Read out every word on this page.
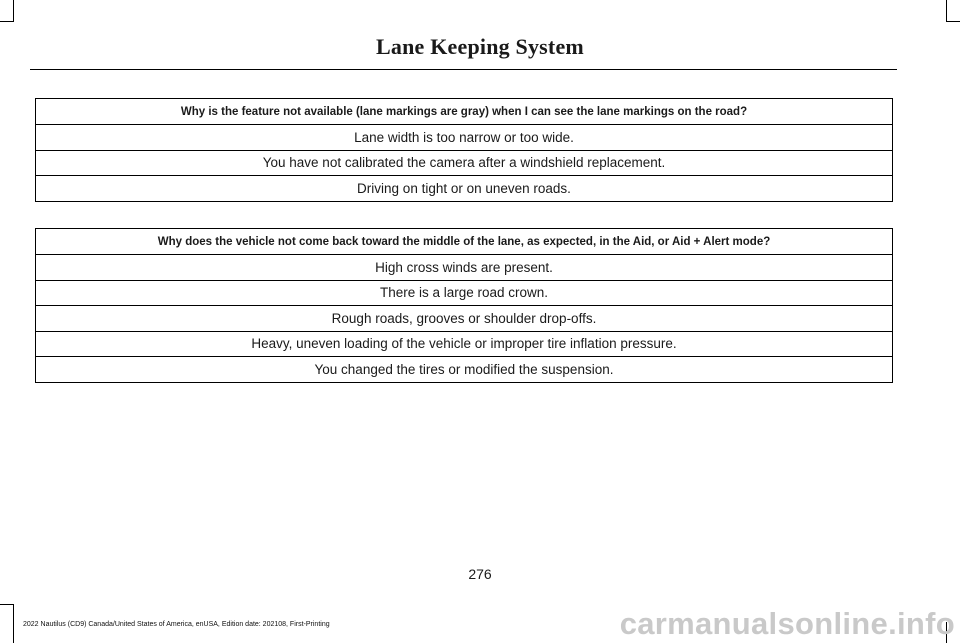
Lane Keeping System
Why is the feature not available (lane markings are gray) when I can see the lane markings on the road?
Lane width is too narrow or too wide.
You have not calibrated the camera after a windshield replacement.
Driving on tight or on uneven roads.
Why does the vehicle not come back toward the middle of the lane, as expected, in the Aid, or Aid + Alert mode?
High cross winds are present.
There is a large road crown.
Rough roads, grooves or shoulder drop-offs.
Heavy, uneven loading of the vehicle or improper tire inflation pressure.
You changed the tires or modified the suspension.
276
2022 Nautilus (CD9) Canada/United States of America, enUSA, Edition date: 202108, First-Printing	carmanualsonline.info
